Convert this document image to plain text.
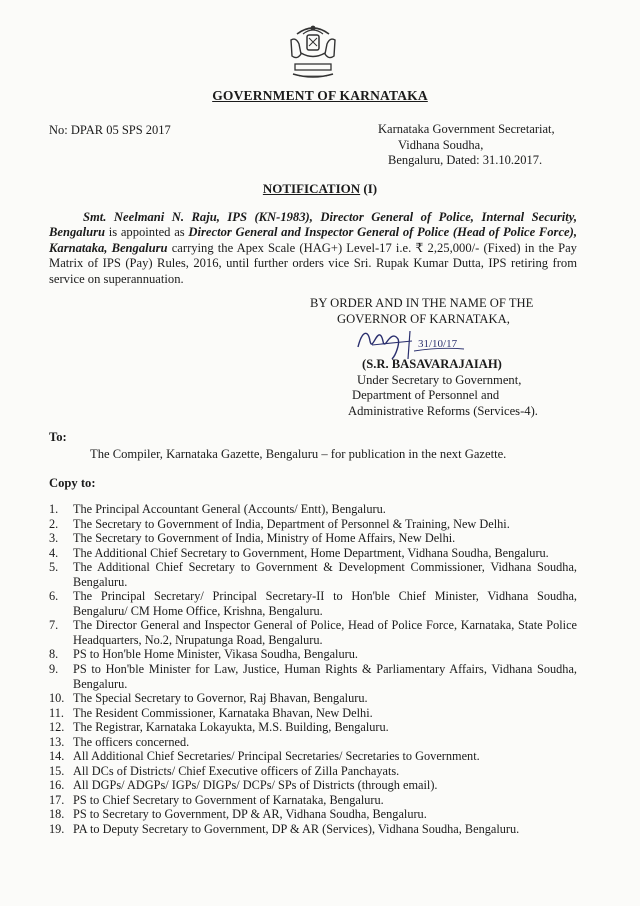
GOVERNMENT OF KARNATAKA
No: DPAR 05 SPS 2017	Karnataka Government Secretariat,
Vidhana Soudha,
Bengaluru, Dated: 31.10.2017.
NOTIFICATION (I)

Smt. Neelmani N. Raju, IPS (KN-1983), Director General of Police, Internal Security, Bengaluru is appointed as Director General and Inspector General of Police (Head of Police Force), Karnataka, Bengaluru carrying the Apex Scale (HAG+) Level-17 i.e. ₹ 2,25,000/- (Fixed) in the Pay Matrix of IPS (Pay) Rules, 2016, until further orders vice Sri. Rupak Kumar Dutta, IPS retiring from service on superannuation.

BY ORDER AND IN THE NAME OF THE
GOVERNOR OF KARNATAKA,
31/10/17
(S.R. BASAVARAJAIAH)
Under Secretary to Government,
Department of Personnel and
Administrative Reforms (Services-4).
To:
The Compiler, Karnataka Gazette, Bengaluru – for publication in the next Gazette.
Copy to:
1. The Principal Accountant General (Accounts/ Entt), Bengaluru.
2. The Secretary to Government of India, Department of Personnel & Training, New Delhi.
3. The Secretary to Government of India, Ministry of Home Affairs, New Delhi.
4. The Additional Chief Secretary to Government, Home Department, Vidhana Soudha, Bengaluru.
5. The Additional Chief Secretary to Government & Development Commissioner, Vidhana Soudha, Bengaluru.
6. The Principal Secretary/ Principal Secretary-II to Hon'ble Chief Minister, Vidhana Soudha, Bengaluru/ CM Home Office, Krishna, Bengaluru.
7. The Director General and Inspector General of Police, Head of Police Force, Karnataka, State Police Headquarters, No.2, Nrupatunga Road, Bengaluru.
8. PS to Hon'ble Home Minister, Vikasa Soudha, Bengaluru.
9. PS to Hon'ble Minister for Law, Justice, Human Rights & Parliamentary Affairs, Vidhana Soudha, Bengaluru.
10. The Special Secretary to Governor, Raj Bhavan, Bengaluru.
11. The Resident Commissioner, Karnataka Bhavan, New Delhi.
12. The Registrar, Karnataka Lokayukta, M.S. Building, Bengaluru.
13. The officers concerned.
14. All Additional Chief Secretaries/ Principal Secretaries/ Secretaries to Government.
15. All DCs of Districts/ Chief Executive officers of Zilla Panchayats.
16. All DGPs/ ADGPs/ IGPs/ DIGPs/ DCPs/ SPs of Districts (through email).
17. PS to Chief Secretary to Government of Karnataka, Bengaluru.
18. PS to Secretary to Government, DP & AR, Vidhana Soudha, Bengaluru.
19. PA to Deputy Secretary to Government, DP & AR (Services), Vidhana Soudha, Bengaluru.
